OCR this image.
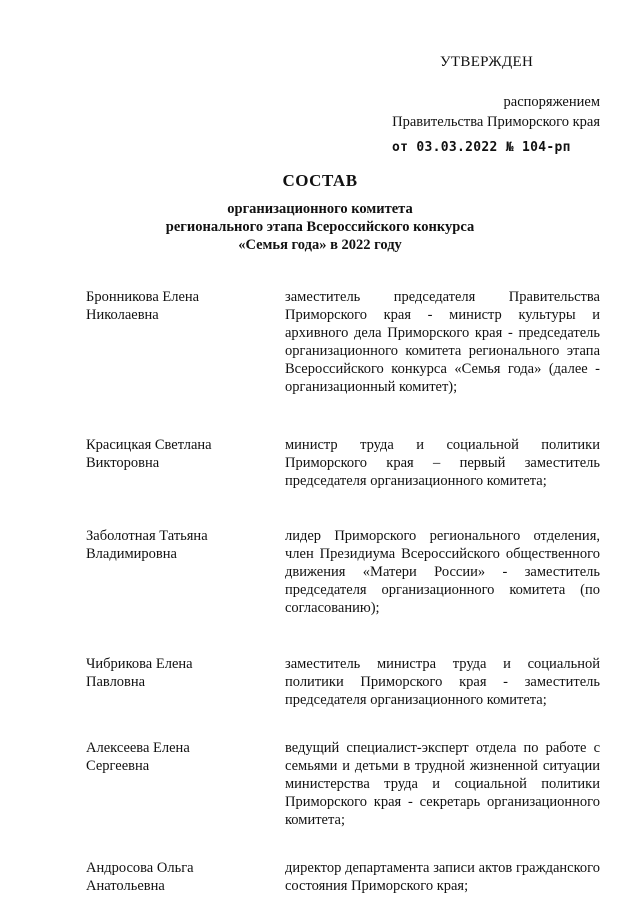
УТВЕРЖДЕН
распоряжением
Правительства Приморского края
от 03.03.2022 № 104-рп
СОСТАВ
организационного комитета
регионального этапа Всероссийского конкурса
«Семья года» в 2022 году
Бронникова Елена Николаевна
заместитель председателя Правительства Приморского края - министр культуры и архивного дела Приморского края - председатель организационного комитета регионального этапа Всероссийского конкурса «Семья года» (далее - организационный комитет);
Красицкая Светлана Викторовна
министр труда и социальной политики Приморского края – первый заместитель председателя организационного комитета;
Заболотная Татьяна Владимировна
лидер Приморского регионального отделения, член Президиума Всероссийского общественного движения «Матери России» - заместитель председателя организационного комитета (по согласованию);
Чибрикова Елена Павловна
заместитель министра труда и социальной политики Приморского края - заместитель председателя организационного комитета;
Алексеева Елена Сергеевна
ведущий специалист-эксперт отдела по работе с семьями и детьми в трудной жизненной ситуации министерства труда и социальной политики Приморского края - секретарь организационного комитета;
Андросова Ольга Анатольевна
директор департамента записи актов гражданского состояния Приморского края;
